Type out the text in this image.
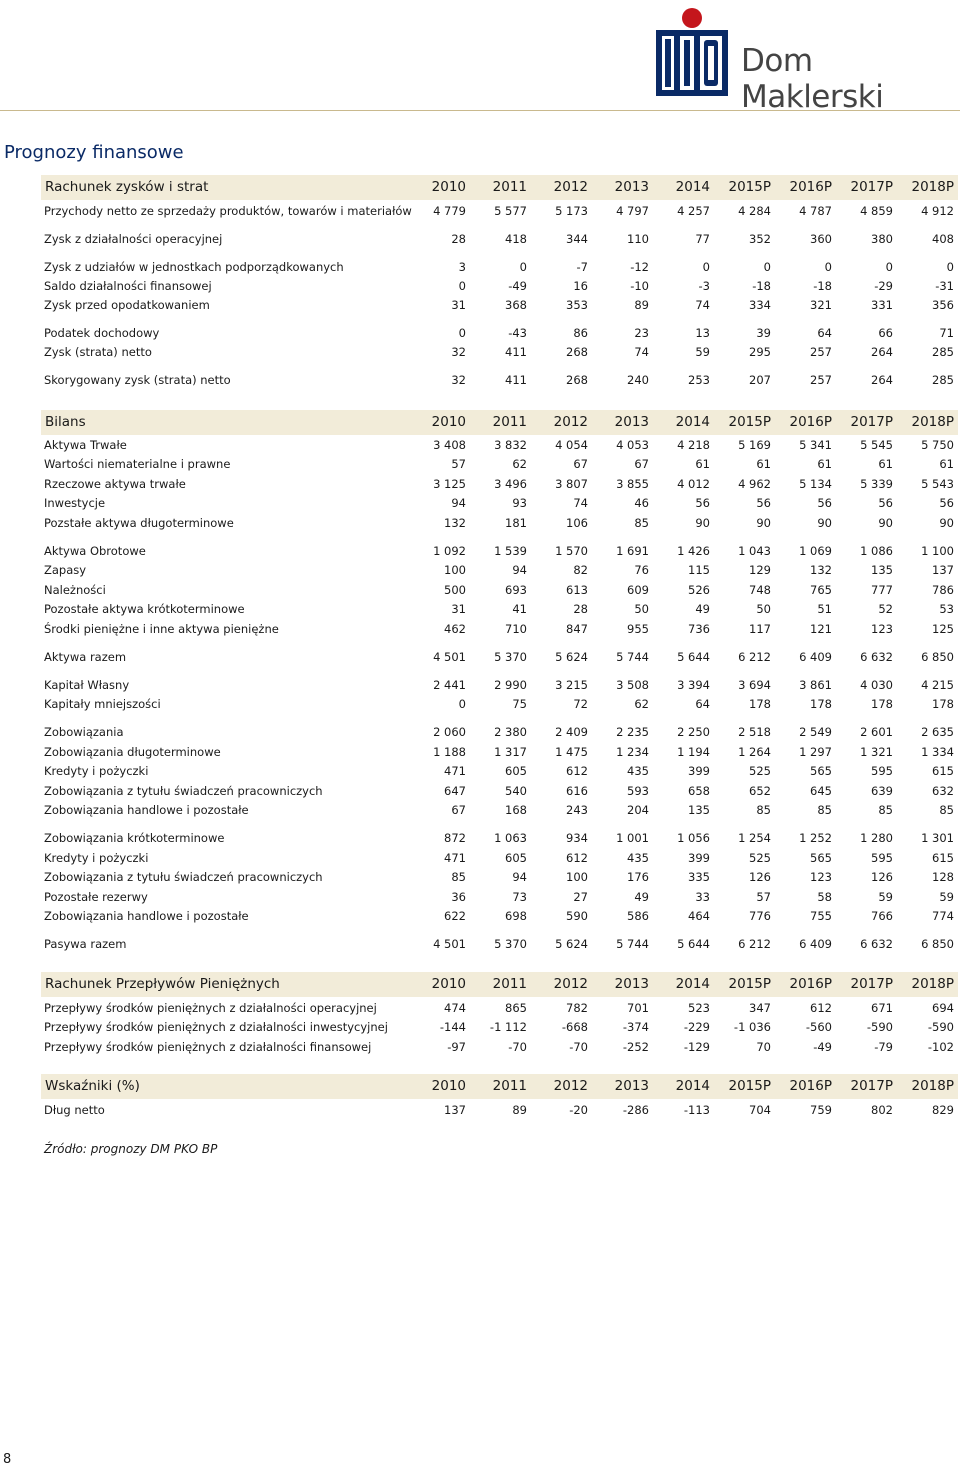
Dom Maklerski
Prognozy finansowe
Rachunek zysków i strat	2010	2011	2012	2013	2014	2015P	2016P	2017P	2018P
Przychody netto ze sprzedaży produktów, towarów i materiałów	4 779	5 577	5 173	4 797	4 257	4 284	4 787	4 859	4 912
Zysk z działalności operacyjnej	28	418	344	110	77	352	360	380	408
Zysk z udziałów w jednostkach podporządkowanych	3	0	-7	-12	0	0	0	0	0
Saldo działalności finansowej	0	-49	16	-10	-3	-18	-18	-29	-31
Zysk przed opodatkowaniem	31	368	353	89	74	334	321	331	356
Podatek dochodowy	0	-43	86	23	13	39	64	66	71
Zysk (strata) netto	32	411	268	74	59	295	257	264	285
Skorygowany zysk (strata) netto	32	411	268	240	253	207	257	264	285
Bilans	2010	2011	2012	2013	2014	2015P	2016P	2017P	2018P
Aktywa Trwałe	3 408	3 832	4 054	4 053	4 218	5 169	5 341	5 545	5 750
Wartości niematerialne i prawne	57	62	67	67	61	61	61	61	61
Rzeczowe aktywa trwałe	3 125	3 496	3 807	3 855	4 012	4 962	5 134	5 339	5 543
Inwestycje	94	93	74	46	56	56	56	56	56
Pozstałe aktywa długoterminowe	132	181	106	85	90	90	90	90	90
Aktywa Obrotowe	1 092	1 539	1 570	1 691	1 426	1 043	1 069	1 086	1 100
Zapasy	100	94	82	76	115	129	132	135	137
Należności	500	693	613	609	526	748	765	777	786
Pozostałe aktywa krótkoterminowe	31	41	28	50	49	50	51	52	53
Środki pieniężne i inne aktywa pieniężne	462	710	847	955	736	117	121	123	125
Aktywa razem	4 501	5 370	5 624	5 744	5 644	6 212	6 409	6 632	6 850
Kapitał Własny	2 441	2 990	3 215	3 508	3 394	3 694	3 861	4 030	4 215
Kapitały mniejszości	0	75	72	62	64	178	178	178	178
Zobowiązania	2 060	2 380	2 409	2 235	2 250	2 518	2 549	2 601	2 635
Zobowiązania długoterminowe	1 188	1 317	1 475	1 234	1 194	1 264	1 297	1 321	1 334
Kredyty i pożyczki	471	605	612	435	399	525	565	595	615
Zobowiązania z tytułu świadczeń pracowniczych	647	540	616	593	658	652	645	639	632
Zobowiązania handlowe i pozostałe	67	168	243	204	135	85	85	85	85
Zobowiązania krótkoterminowe	872	1 063	934	1 001	1 056	1 254	1 252	1 280	1 301
Kredyty i pożyczki	471	605	612	435	399	525	565	595	615
Zobowiązania z tytułu świadczeń pracowniczych	85	94	100	176	335	126	123	126	128
Pozostałe rezerwy	36	73	27	49	33	57	58	59	59
Zobowiązania handlowe i pozostałe	622	698	590	586	464	776	755	766	774
Pasywa razem	4 501	5 370	5 624	5 744	5 644	6 212	6 409	6 632	6 850
Rachunek Przepływów Pieniężnych	2010	2011	2012	2013	2014	2015P	2016P	2017P	2018P
Przepływy środków pieniężnych z działalności operacyjnej	474	865	782	701	523	347	612	671	694
Przepływy środków pieniężnych z działalności inwestycyjnej	-144	-1 112	-668	-374	-229	-1 036	-560	-590	-590
Przepływy środków pieniężnych z działalności finansowej	-97	-70	-70	-252	-129	70	-49	-79	-102
Wskaźniki (%)	2010	2011	2012	2013	2014	2015P	2016P	2017P	2018P
Dług netto	137	89	-20	-286	-113	704	759	802	829
Źródło: prognozy DM PKO BP
8
